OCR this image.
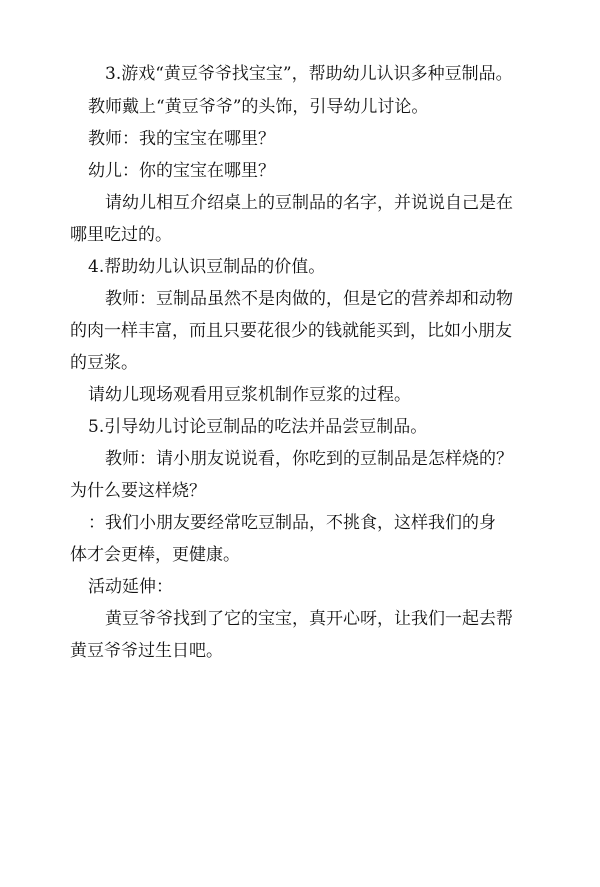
3.游戏“黄豆爷爷找宝宝”，帮助幼儿认识多种豆制品。

教师戴上“黄豆爷爷”的头饰，引导幼儿讨论。

教师：我的宝宝在哪里？

幼儿：你的宝宝在哪里？

请幼儿相互介绍桌上的豆制品的名字，并说说自己是在

哪里吃过的。

4.帮助幼儿认识豆制品的价值。

教师：豆制品虽然不是肉做的，但是它的营养却和动物

的肉一样丰富，而且只要花很少的钱就能买到，比如小朋友

的豆浆。

请幼儿现场观看用豆浆机制作豆浆的过程。

5.引导幼儿讨论豆制品的吃法并品尝豆制品。

教师：请小朋友说说看，你吃到的豆制品是怎样烧的？

为什么要这样烧？

：我们小朋友要经常吃豆制品，不挑食，这样我们的身

体才会更棒，更健康。

活动延伸：

黄豆爷爷找到了它的宝宝，真开心呀，让我们一起去帮

黄豆爷爷过生日吧。
